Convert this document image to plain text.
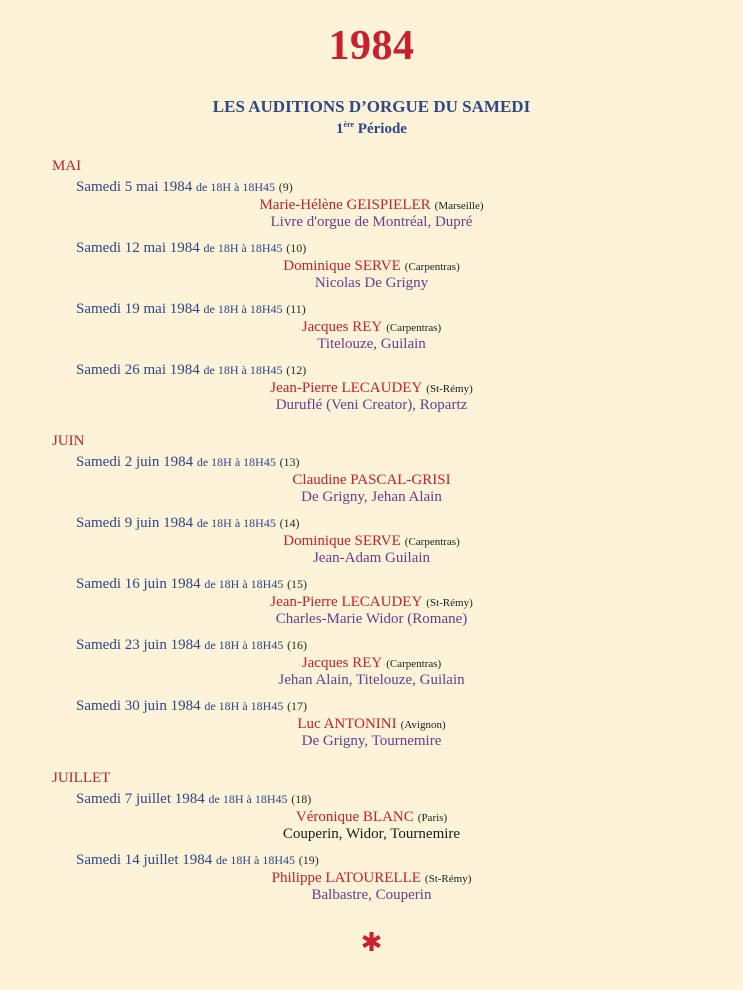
1984
LES AUDITIONS D’ORGUE DU SAMEDI
1ère Période
MAI
Samedi 5 mai 1984 de 18H à 18H45 (9)
Marie-Hélène GEISPIELER (Marseille)
Livre d'orgue de Montréal, Dupré
Samedi 12 mai 1984 de 18H à 18H45 (10)
Dominique SERVE (Carpentras)
Nicolas De Grigny
Samedi 19 mai 1984 de 18H à 18H45 (11)
Jacques REY (Carpentras)
Titelouze, Guilain
Samedi 26 mai 1984 de 18H à 18H45 (12)
Jean-Pierre LECAUDEY (St-Rémy)
Duruflé (Veni Creator), Ropartz
JUIN
Samedi 2 juin 1984 de 18H à 18H45 (13)
Claudine PASCAL-GRISI
De Grigny, Jehan Alain
Samedi 9 juin 1984 de 18H à 18H45 (14)
Dominique SERVE (Carpentras)
Jean-Adam Guilain
Samedi 16 juin 1984 de 18H à 18H45 (15)
Jean-Pierre LECAUDEY (St-Rémy)
Charles-Marie Widor (Romane)
Samedi 23 juin 1984 de 18H à 18H45 (16)
Jacques REY (Carpentras)
Jehan Alain, Titelouze, Guilain
Samedi 30 juin 1984 de 18H à 18H45 (17)
Luc ANTONINI (Avignon)
De Grigny, Tournemire
JUILLET
Samedi 7 juillet 1984 de 18H à 18H45 (18)
Véronique BLANC (Paris)
Couperin, Widor, Tournemire
Samedi 14 juillet 1984 de 18H à 18H45 (19)
Philippe LATOURELLE (St-Rémy)
Balbastre, Couperin
✱
